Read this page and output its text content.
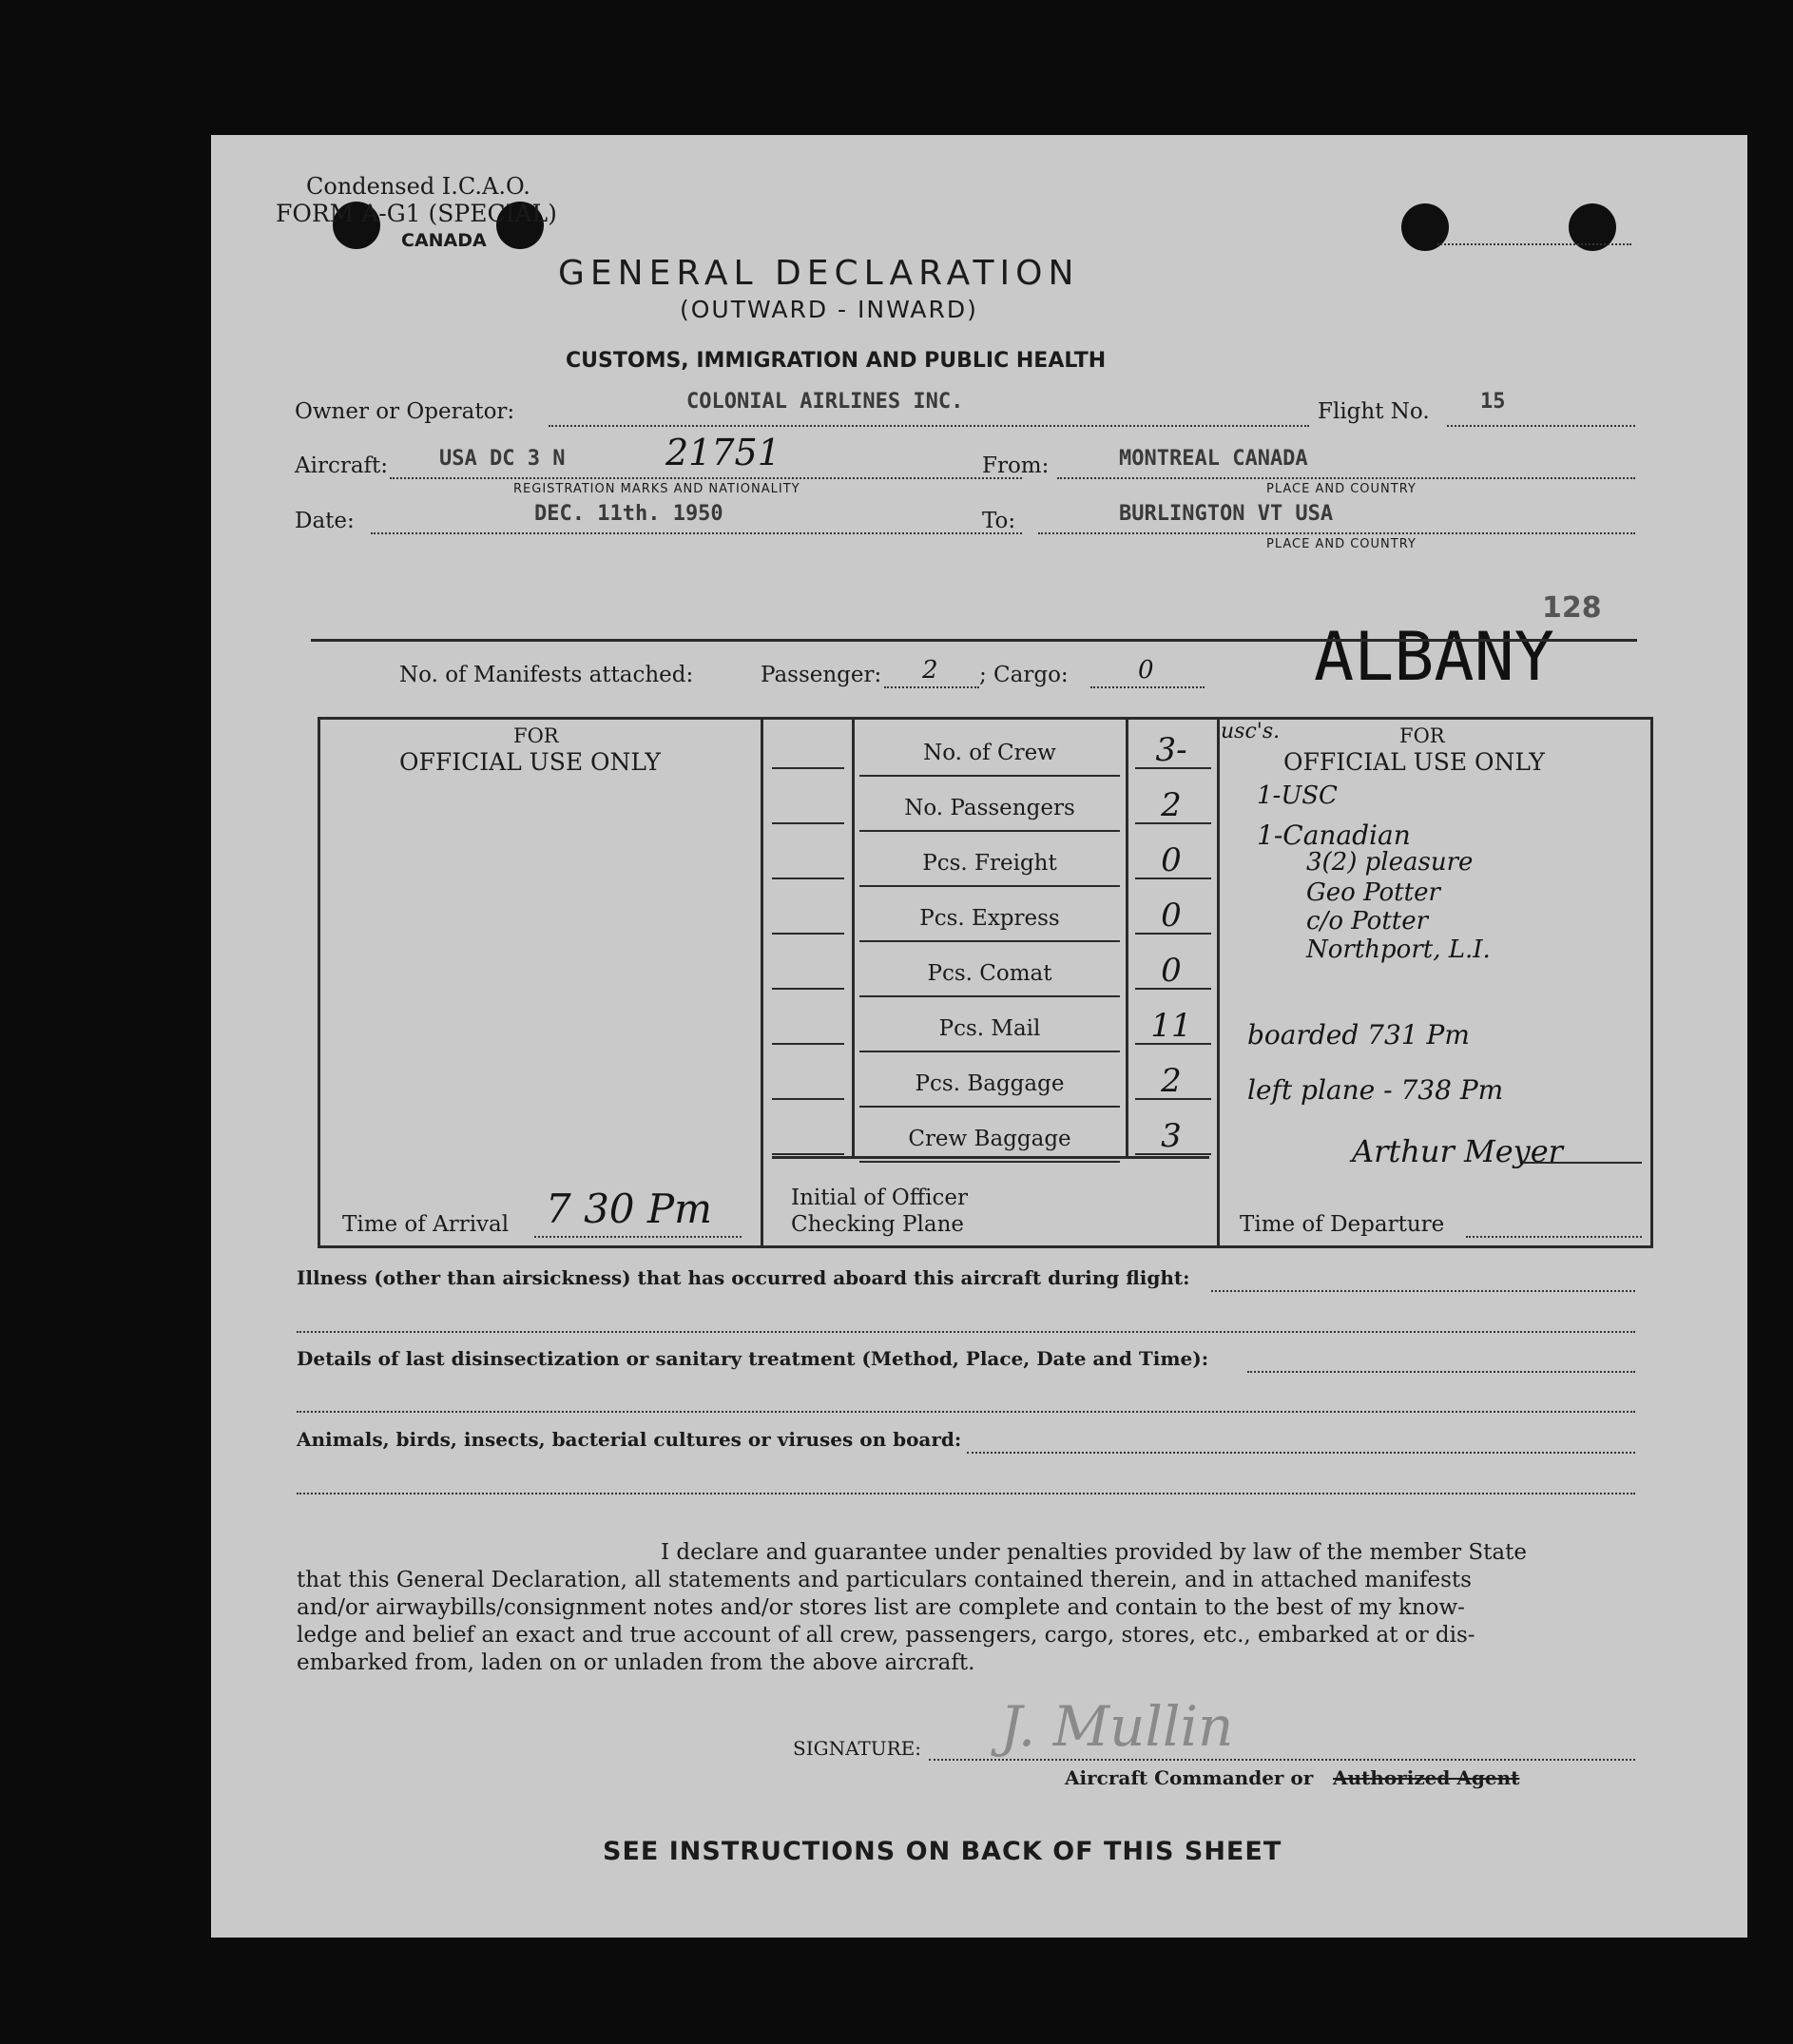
Condensed I.C.A.O.
FORM A-G1 (SPECIAL)
CANADA
GENERAL DECLARATION
(OUTWARD - INWARD)
CUSTOMS, IMMIGRATION AND PUBLIC HEALTH
Owner or Operator:	COLONIAL AIRLINES INC.	Flight No. 15
Aircraft: USA DC 3 N	21751
REGISTRATION MARKS AND NATIONALITY
From:	MONTREAL CANADA
PLACE AND COUNTRY
Date:	DEC. 11th. 1950	To:	BURLINGTON VT USA
PLACE AND COUNTRY
128
ALBANY
No. of Manifests attached:	Passenger: 2 ; Cargo:	0
FOR
OFFICIAL USE ONLY
Time of Arrival 7 30 Pm
No. of Crew	3-
No. Passengers	2
Pcs. Freight	0
Pcs. Express	0
Pcs. Comat	0
Pcs. Mail	11
Pcs. Baggage	2
Crew Baggage	3
Initial of Officer
Checking Plane
FOR
OFFICIAL USE ONLY
Time of Departure
usc's.
1-USC
1-Canadian
3(2) pleasure
Geo Potter
c/o Potter
Northport, L.I.
boarded 731 Pm
left plane - 738 Pm
Arthur Meyer
Illness (other than airsickness) that has occurred aboard this aircraft during flight:
Details of last disinsectization or sanitary treatment (Method, Place, Date and Time):
Animals, birds, insects, bacterial cultures or viruses on board:
I declare and guarantee under penalties provided by law of the member State
that this General Declaration, all statements and particulars contained therein, and in attached manifests
and/or airwaybills/consignment notes and/or stores list are complete and contain to the best of my know-
ledge and belief an exact and true account of all crew, passengers, cargo, stores, etc., embarked at or dis-
embarked from, laden on or unladen from the above aircraft.
SIGNATURE: J. Mullin
Aircraft Commander or Authorized Agent
SEE INSTRUCTIONS ON BACK OF THIS SHEET
